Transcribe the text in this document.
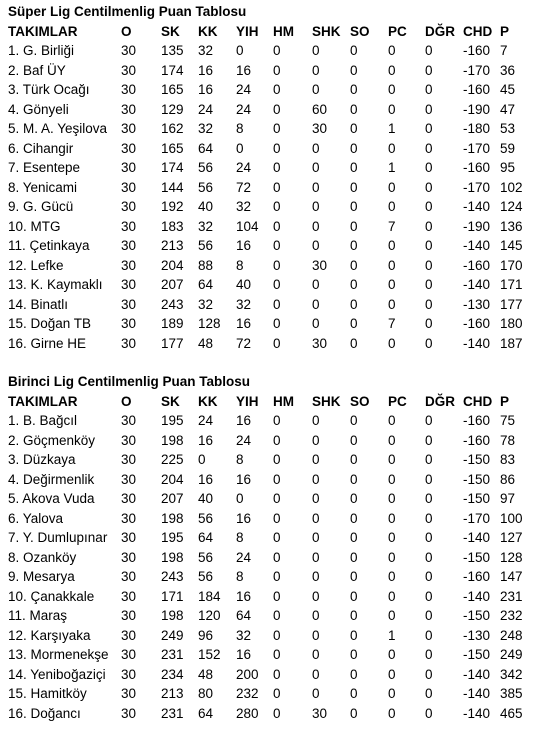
Süper Lig Centilmenlig Puan Tablosu
TAKIMLAR	O	SK	KK	YIH	HM	SHK	SO	PC	DĞR	CHD	P
1. G. Birliği	30	135	32	0	0	0	0	0	0	-160	7
2. Baf ÜY	30	174	16	16	0	0	0	0	0	-170	36
3. Türk Ocağı	30	165	16	24	0	0	0	0	0	-160	45
4. Gönyeli	30	129	24	24	0	60	0	0	0	-190	47
5. M. A. Yeşilova	30	162	32	8	0	30	0	1	0	-180	53
6. Cihangir	30	165	64	0	0	0	0	0	0	-170	59
7. Esentepe	30	174	56	24	0	0	0	1	0	-160	95
8. Yenicami	30	144	56	72	0	0	0	0	0	-170	102
9. G. Gücü	30	192	40	32	0	0	0	0	0	-140	124
10. MTG	30	183	32	104	0	0	0	7	0	-190	136
11. Çetinkaya	30	213	56	16	0	0	0	0	0	-140	145
12. Lefke	30	204	88	8	0	30	0	0	0	-160	170
13. K. Kaymaklı	30	207	64	40	0	0	0	0	0	-140	171
14. Binatlı	30	243	32	32	0	0	0	0	0	-130	177
15. Doğan TB	30	189	128	16	0	0	0	7	0	-160	180
16. Girne HE	30	177	48	72	0	30	0	0	0	-140	187
Birinci Lig Centilmenlig Puan Tablosu
TAKIMLAR	O	SK	KK	YIH	HM	SHK	SO	PC	DĞR	CHD	P
1. B. Bağcıl	30	195	24	16	0	0	0	0	0	-160	75
2. Göçmenköy	30	198	16	24	0	0	0	0	0	-160	78
3. Düzkaya	30	225	0	8	0	0	0	0	0	-150	83
4. Değirmenlik	30	204	16	16	0	0	0	0	0	-150	86
5. Akova Vuda	30	207	40	0	0	0	0	0	0	-150	97
6. Yalova	30	198	56	16	0	0	0	0	0	-170	100
7. Y. Dumlupınar	30	195	64	8	0	0	0	0	0	-140	127
8. Ozanköy	30	198	56	24	0	0	0	0	0	-150	128
9. Mesarya	30	243	56	8	0	0	0	0	0	-160	147
10. Çanakkale	30	171	184	16	0	0	0	0	0	-140	231
11. Maraş	30	198	120	64	0	0	0	0	0	-150	232
12. Karşıyaka	30	249	96	32	0	0	0	1	0	-130	248
13. Mormenekşe	30	231	152	16	0	0	0	0	0	-150	249
14. Yeniboğaziçi	30	234	48	200	0	0	0	0	0	-140	342
15. Hamitköy	30	213	80	232	0	0	0	0	0	-140	385
16. Doğancı	30	231	64	280	0	30	0	0	0	-140	465
